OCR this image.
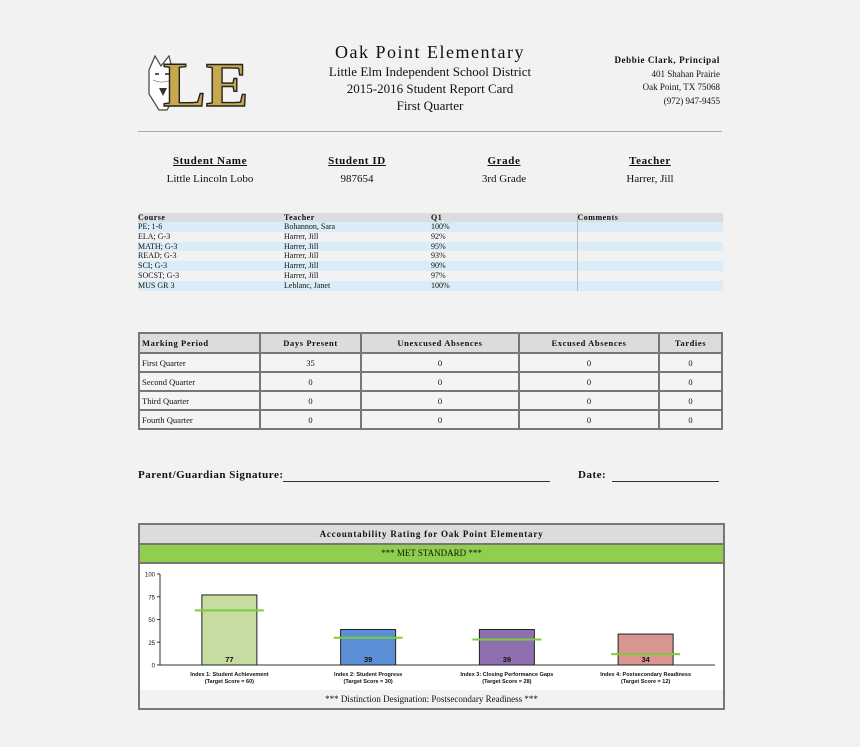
LE	Oak Point Elementary
Little Elm Independent School District
2015-2016 Student Report Card
First Quarter
Debbie Clark, Principal
401 Shahan Prairie
Oak Point, TX 75068
(972) 947-9455
Student Name
Little Lincoln Lobo
Student ID
987654
Grade
3rd Grade
Teacher
Harrer, Jill
Course	Teacher	Q1	Comments
PE; 1-6	Bohannon, Sara	100%	
ELA; G-3	Harrer, Jill	92%	
MATH; G-3	Harrer, Jill	95%	
READ; G-3	Harrer, Jill	93%	
SCI; G-3	Harrer, Jill	90%	
SOCST; G-3	Harrer, Jill	97%	
MUS GR 3	Leblanc, Janet	100%	
Marking Period	Days Present	Unexcused Absences	Excused Absences	Tardies
First Quarter	35	0	0	0
Second Quarter	0	0	0	0
Third Quarter	0	0	0	0
Fourth Quarter	0	0	0	0
Parent/Guardian Signature:	Date:
Accountability Rating for Oak Point Elementary
*** MET STANDARD ***
0
25
50
75
100
77
Index 1: Student Achievement
(Target Score = 60)
39
Index 2: Student Progress
(Target Score = 30)
39
Index 3: Closing Performance Gaps
(Target Score = 28)
34
Index 4: Postsecondary Readiness
(Target Score = 12)
*** Distinction Designation: Postsecondary Readiness ***
